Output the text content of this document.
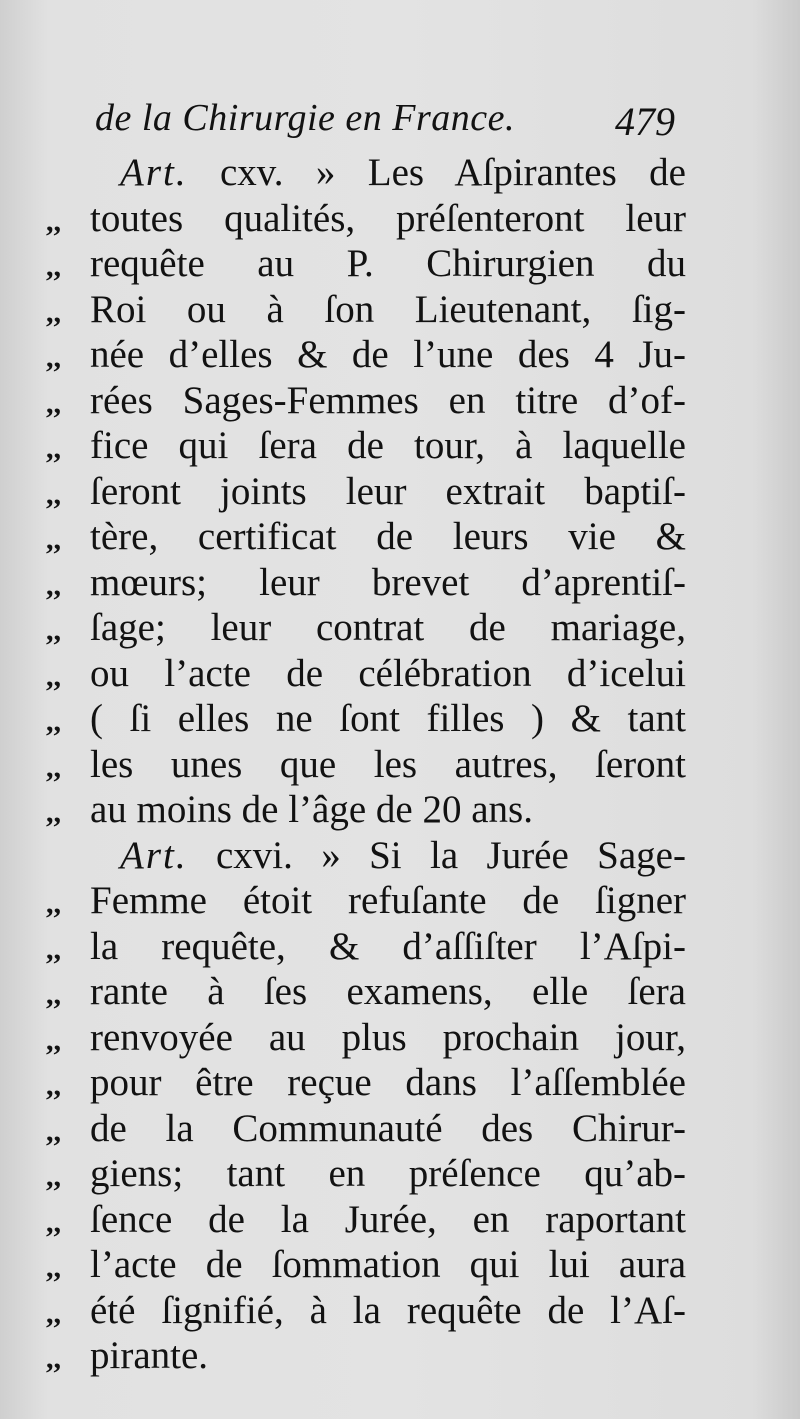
de la Chirurgie en France. 479
Art. cxv. » Les Aſpirantes de
,, toutes qualités, préſenteront leur
,, requête au P. Chirurgien du
,, Roi ou à ſon Lieutenant, ſig-
,, née d’elles & de l’une des 4 Ju-
,, rées Sages-Femmes en titre d’of-
,, fice qui ſera de tour, à laquelle
,, ſeront joints leur extrait baptiſ-
,, tère, certificat de leurs vie &
,, mœurs; leur brevet d’aprentiſ-
,, ſage; leur contrat de mariage,
,, ou l’acte de célébration d’icelui
,, ( ſi elles ne ſont filles ) & tant
,, les unes que les autres, ſeront
,, au moins de l’âge de 20 ans.
Art. cxvi. » Si la Jurée Sage-
,, Femme étoit refuſante de ſigner
,, la requête, & d’aſſiſter l’Aſpi-
,, rante à ſes examens, elle ſera
,, renvoyée au plus prochain jour,
,, pour être reçue dans l’aſſemblée
,, de la Communauté des Chirur-
,, giens; tant en préſence qu’ab-
,, ſence de la Jurée, en raportant
,, l’acte de ſommation qui lui aura
,, été ſignifié, à la requête de l’Aſ-
,, pirante.
